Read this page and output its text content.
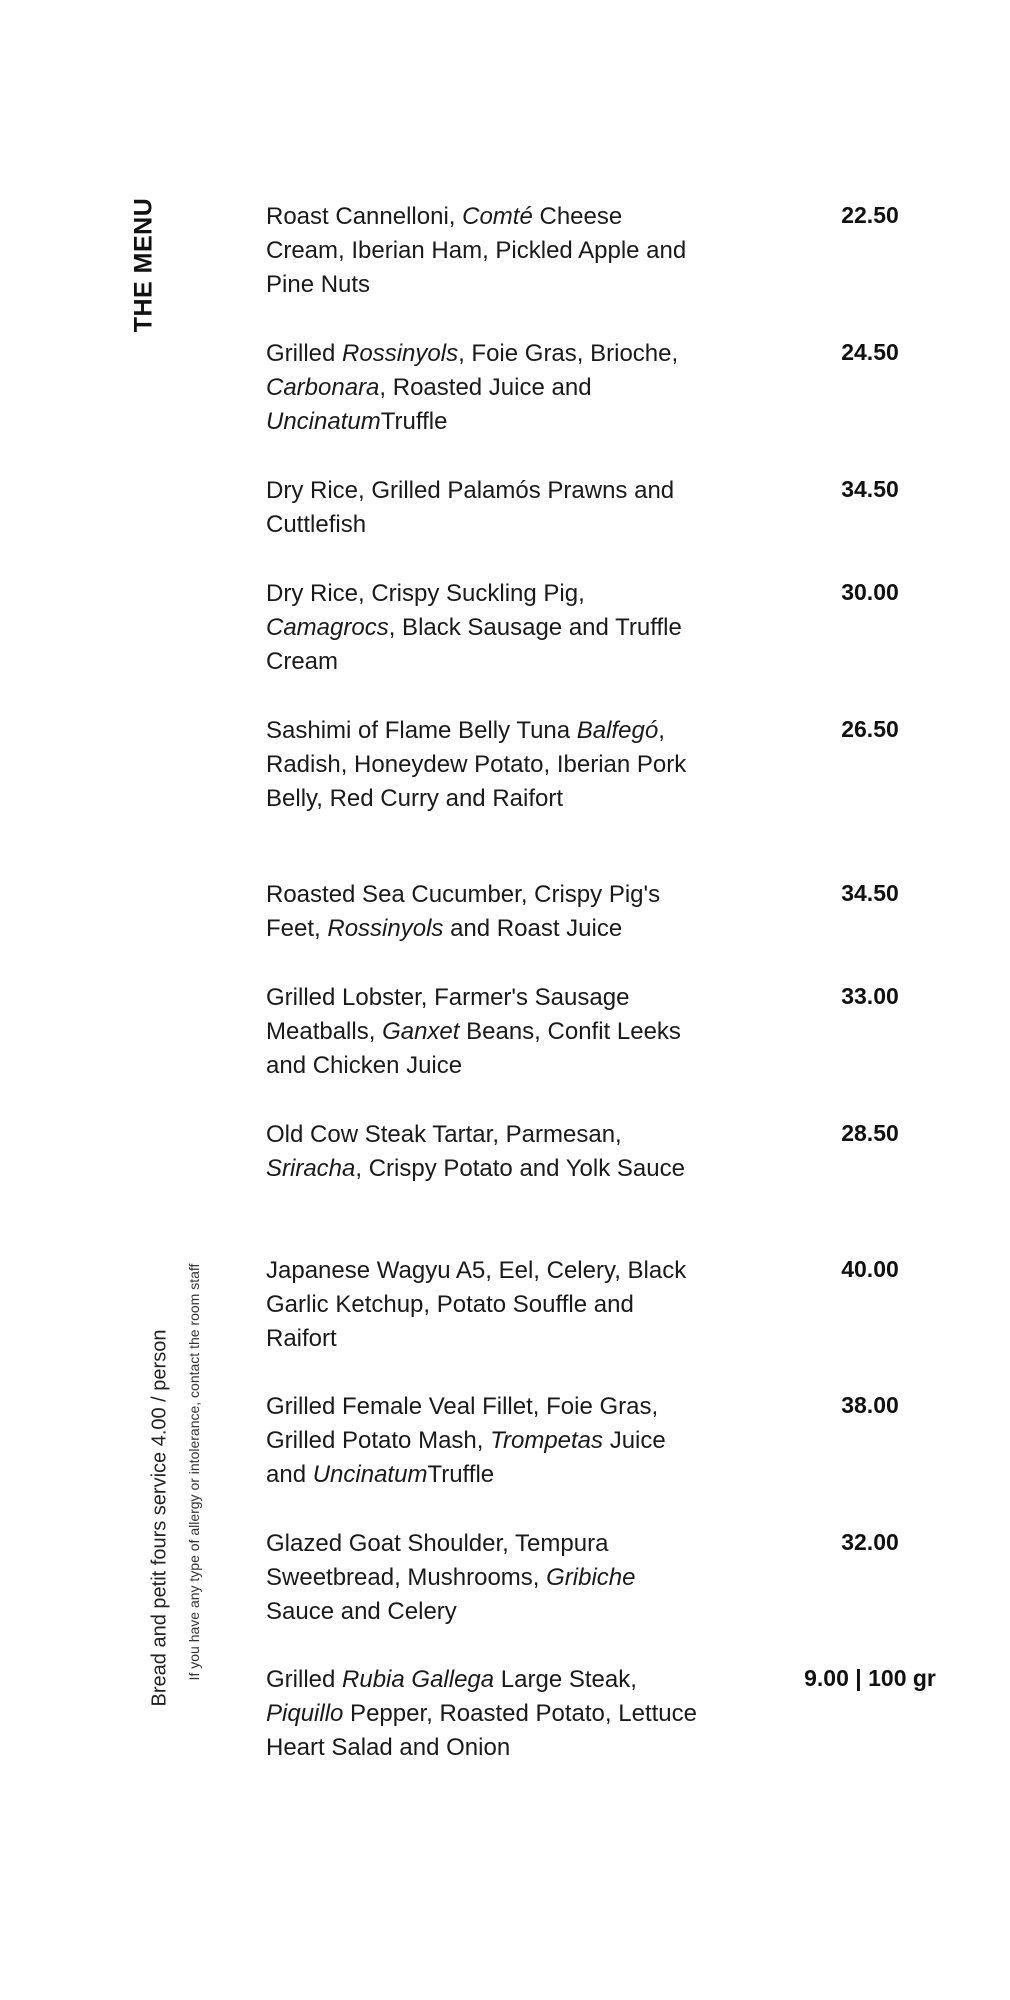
THE MENU
Bread and petit fours service 4.00 / person If you have any type of allergy or intolerance, contact the room staff
Roast Cannelloni, Comté Cheese Cream, Iberian Ham, Pickled Apple and Pine Nuts
22.50
Grilled Rossinyols, Foie Gras, Brioche, Carbonara, Roasted Juice and UncinatumTruffle
24.50
Dry Rice, Grilled Palamós Prawns and Cuttlefish
34.50
Dry Rice, Crispy Suckling Pig, Camagrocs, Black Sausage and Truffle Cream
30.00
Sashimi of Flame Belly Tuna Balfegó, Radish, Honeydew Potato, Iberian Pork Belly, Red Curry and Raifort
26.50
Roasted Sea Cucumber, Crispy Pig's Feet, Rossinyols and Roast Juice
34.50
Grilled Lobster, Farmer's Sausage Meatballs, Ganxet Beans, Confit Leeks and Chicken Juice
33.00
Old Cow Steak Tartar, Parmesan, Sriracha, Crispy Potato and Yolk Sauce
28.50
Japanese Wagyu A5, Eel, Celery, Black Garlic Ketchup, Potato Souffle and Raifort
40.00
Grilled Female Veal Fillet, Foie Gras, Grilled Potato Mash, Trompetas Juice and UncinatumTruffle
38.00
Glazed Goat Shoulder, Tempura Sweetbread, Mushrooms, Gribiche Sauce and Celery
32.00
Grilled Rubia Gallega Large Steak, Piquillo Pepper, Roasted Potato, Lettuce Heart Salad and Onion
9.00 | 100 gr
